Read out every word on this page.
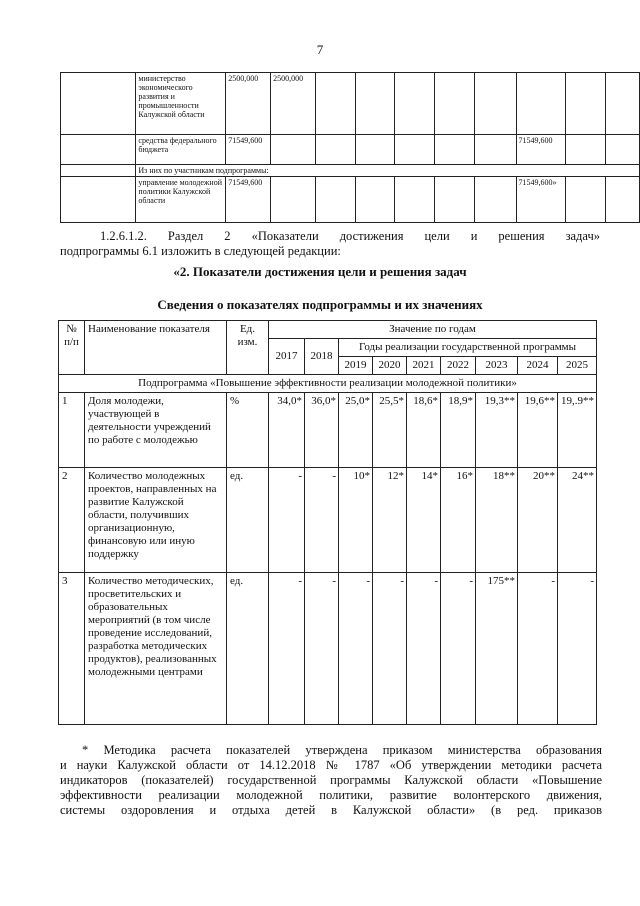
7
	министерство экономического развития и промышленности Калужской области	2500,000	2500,000								
	средства федерального бюджета	71549,600							71549,600		
	Из них по участникам подпрограммы:										
	управление молодежной политики Калужской области	71549,600							71549,600»		
1.2.6.1.2. Раздел 2 «Показатели достижения цели и решения задач»
подпрограммы 6.1 изложить в следующей редакции:
«2. Показатели достижения цели и решения задач
Сведения о показателях подпрограммы и их значениях
№ п/п	Наименование показателя	Ед. изм.	Значение по годам								
			2017	2018	Годы реализации государственной программы						
					2019	2020	2021	2022	2023	2024	2025
Подпрограмма «Повышение эффективности реализации молодежной политики»											
1	Доля молодежи, участвующей в деятельности учреждений по работе с молодежью	%	34,0*	36,0*	25,0*	25,5*	18,6*	18,9*	19,3**	19,6**	19,.9**
2	Количество молодежных проектов, направленных на развитие Калужской области, получивших организационную, финансовую или иную поддержку	ед.	-	-	10*	12*	14*	16*	18**	20**	24**
3	Количество методических, просветительских и образовательных мероприятий (в том числе проведение исследований, разработка методических продуктов), реализованных молодежными центрами	ед.	-	-	-	-	-	-	175**	-	-
* Методика расчета показателей утверждена приказом министерства образования
и науки Калужской области от 14.12.2018 № 1787 «Об утверждении методики расчета
индикаторов (показателей) государственной программы Калужской области «Повышение
эффективности реализации молодежной политики, развитие волонтерского движения,
системы оздоровления и отдыха детей в Калужской области» (в ред. приказов
